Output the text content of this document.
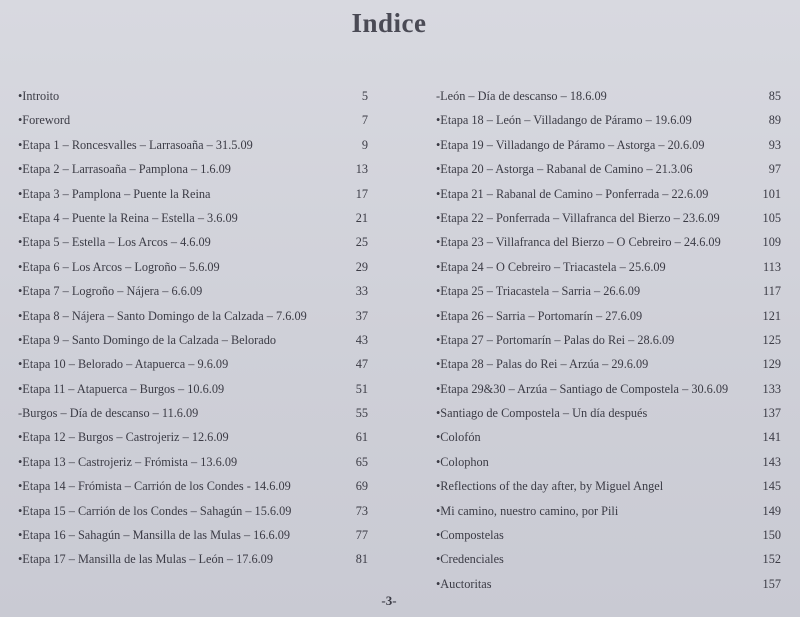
Indice
•Introito	5
•Foreword	7
•Etapa 1 – Roncesvalles – Larrasoaña – 31.5.09	9
•Etapa 2 – Larrasoaña – Pamplona – 1.6.09	13
•Etapa 3 – Pamplona – Puente la Reina	17
•Etapa 4 – Puente la Reina – Estella – 3.6.09	21
•Etapa 5 – Estella – Los Arcos – 4.6.09	25
•Etapa 6 – Los Arcos – Logroño – 5.6.09	29
•Etapa 7 – Logroño – Nájera – 6.6.09	33
•Etapa 8 – Nájera – Santo Domingo de la Calzada – 7.6.09	37
•Etapa 9 – Santo Domingo de la Calzada – Belorado	43
•Etapa 10 – Belorado – Atapuerca – 9.6.09	47
•Etapa 11 – Atapuerca – Burgos – 10.6.09	51
-Burgos – Día de descanso – 11.6.09	55
•Etapa 12 – Burgos – Castrojeriz – 12.6.09	61
•Etapa 13 – Castrojeriz – Frómista – 13.6.09	65
•Etapa 14 – Frómista – Carrión de los Condes - 14.6.09	69
•Etapa 15 – Carrión de los Condes – Sahagún – 15.6.09	73
•Etapa 16 – Sahagún – Mansilla de las Mulas – 16.6.09	77
•Etapa 17 – Mansilla de las Mulas – León – 17.6.09	81
-León – Día de descanso – 18.6.09	85
•Etapa 18 – León – Villadango de Páramo – 19.6.09	89
•Etapa 19 – Villadango de Páramo – Astorga – 20.6.09	93
•Etapa 20 – Astorga – Rabanal de Camino – 21.3.06	97
•Etapa 21 – Rabanal de Camino – Ponferrada – 22.6.09	101
•Etapa 22 – Ponferrada – Villafranca del Bierzo – 23.6.09	105
•Etapa 23 – Villafranca del Bierzo – O Cebreiro – 24.6.09	109
•Etapa 24 – O Cebreiro – Triacastela – 25.6.09	113
•Etapa 25 – Triacastela – Sarria – 26.6.09	117
•Etapa 26 – Sarria – Portomarín – 27.6.09	121
•Etapa 27 – Portomarín – Palas do Rei – 28.6.09	125
•Etapa 28 – Palas do Rei – Arzúa – 29.6.09	129
•Etapa 29&30 – Arzúa – Santiago de Compostela – 30.6.09	133
•Santiago de Compostela – Un día después	137
•Colofón	141
•Colophon	143
•Reflections of the day after, by Miguel Angel	145
•Mi camino, nuestro camino, por Pili	149
•Compostelas	150
•Credenciales	152
•Auctoritas	157
-3-
